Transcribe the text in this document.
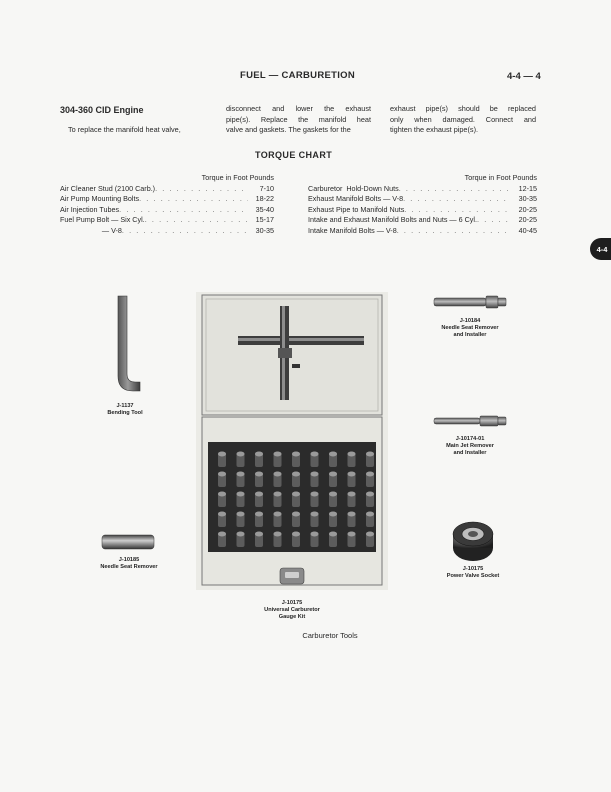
FUEL — CARBURETION	4-4 — 4
304-360 CID Engine
To replace the manifold heat valve,
disconnect and lower the exhaust
pipe(s). Replace the manifold heat
valve and gaskets. The gaskets for the
exhaust pipe(s) should be replaced
only when damaged. Connect and
tighten the exhaust pipe(s).
TORQUE CHART
Torque in Foot Pounds
Air Cleaner Stud (2100 Carb.) . . .	7-10
Air Pump Mounting Bolts . . .	18-22
Air Injection Tubes . . .	35-40
Fuel Pump Bolt — Six Cyl. . . .	15-17
— V-8 . . .	30-35
Torque in Foot Pounds
Carburetor  Hold-Down Nuts . . .	12-15
Exhaust Manifold Bolts — V-8 . . .	30-35
Exhaust Pipe to Manifold Nuts . . .	20-25
Intake and Exhaust Manifold Bolts and Nuts — 6 Cyl. . . .	20-25
Intake Manifold Bolts — V-8 . . .	40-45
4-4
J-1137
Bending Tool
J-10184
Needle Seat Remover
and Installer
J-10174-01
Main Jet Remover
and Installer
J-10185
Needle Seat Remover	J-10175
Power Valve Socket
J-10175
Universal Carburetor
Gauge Kit
Carburetor Tools
